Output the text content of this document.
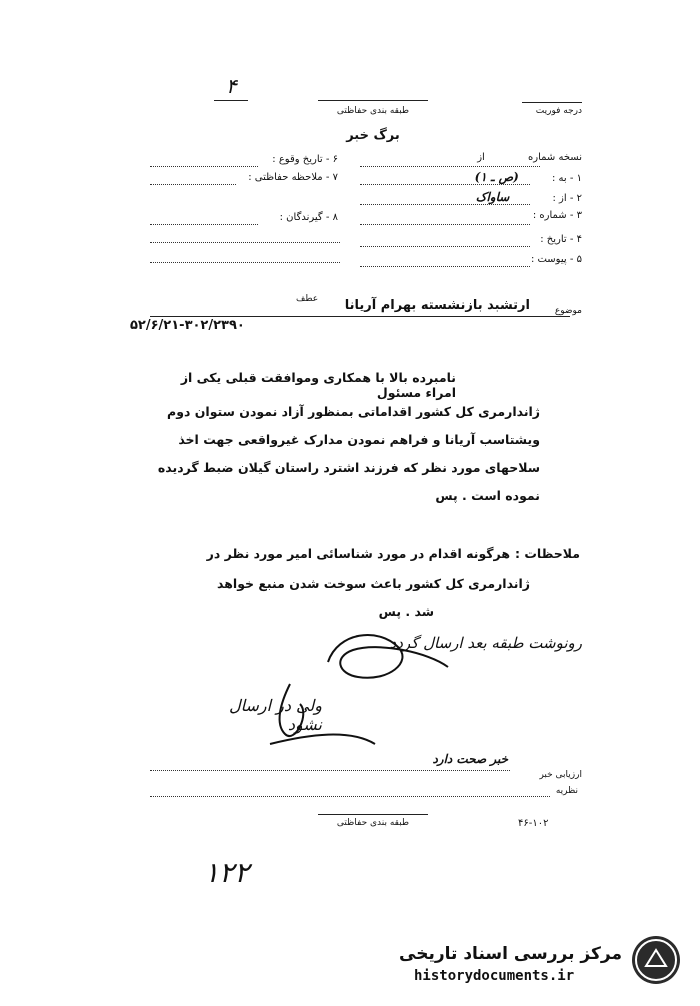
۴
درجه فوریت
طبقه بندی حفاظتی
برگ خبر
نسخه شماره از
۱ - به : (ص ـ ۱)
۲ - از : ساواک
۳ - شماره :
۴ - تاریخ :
۵ - پیوست :
۶ - تاریخ وقوع :
۷ - ملاحظه حفاظتی :
۸ - گیرندگان :
موضوع
ارتشبد بازنشسته بهرام آریانا
عطف
۵۲/۶/۲۱-۳۰۲/۲۳۹۰
نامبرده بالا با همکاری وموافقت قبلی یکی از امراء مسئول
ژاندارمری کل کشور اقداماتی بمنظور آزاد نمودن ستوان دوم
ویشتاسب آریانا و فراهم نمودن مدارک غیرواقعی جهت اخذ
سلاحهای مورد نظر که فرزند اشترد راستان گیلان ضبط گردیده
نموده است . پس
ملاحظات :
هرگونه اقدام در مورد شناسائی امیر مورد نظر در
ژاندارمری کل کشور باعث سوخت شدن منبع خواهد
شد . پس
رونوشت طبقه بعد ارسال گردد
ولی در ارسال نشود
خبر صحت دارد
ارزیابی خبر
نظریه
طبقه بندی حفاظتی	۴۶-۱۰۲
۱۲۲
مرکز بررسی اسناد تاریخی
historydocuments.ir
